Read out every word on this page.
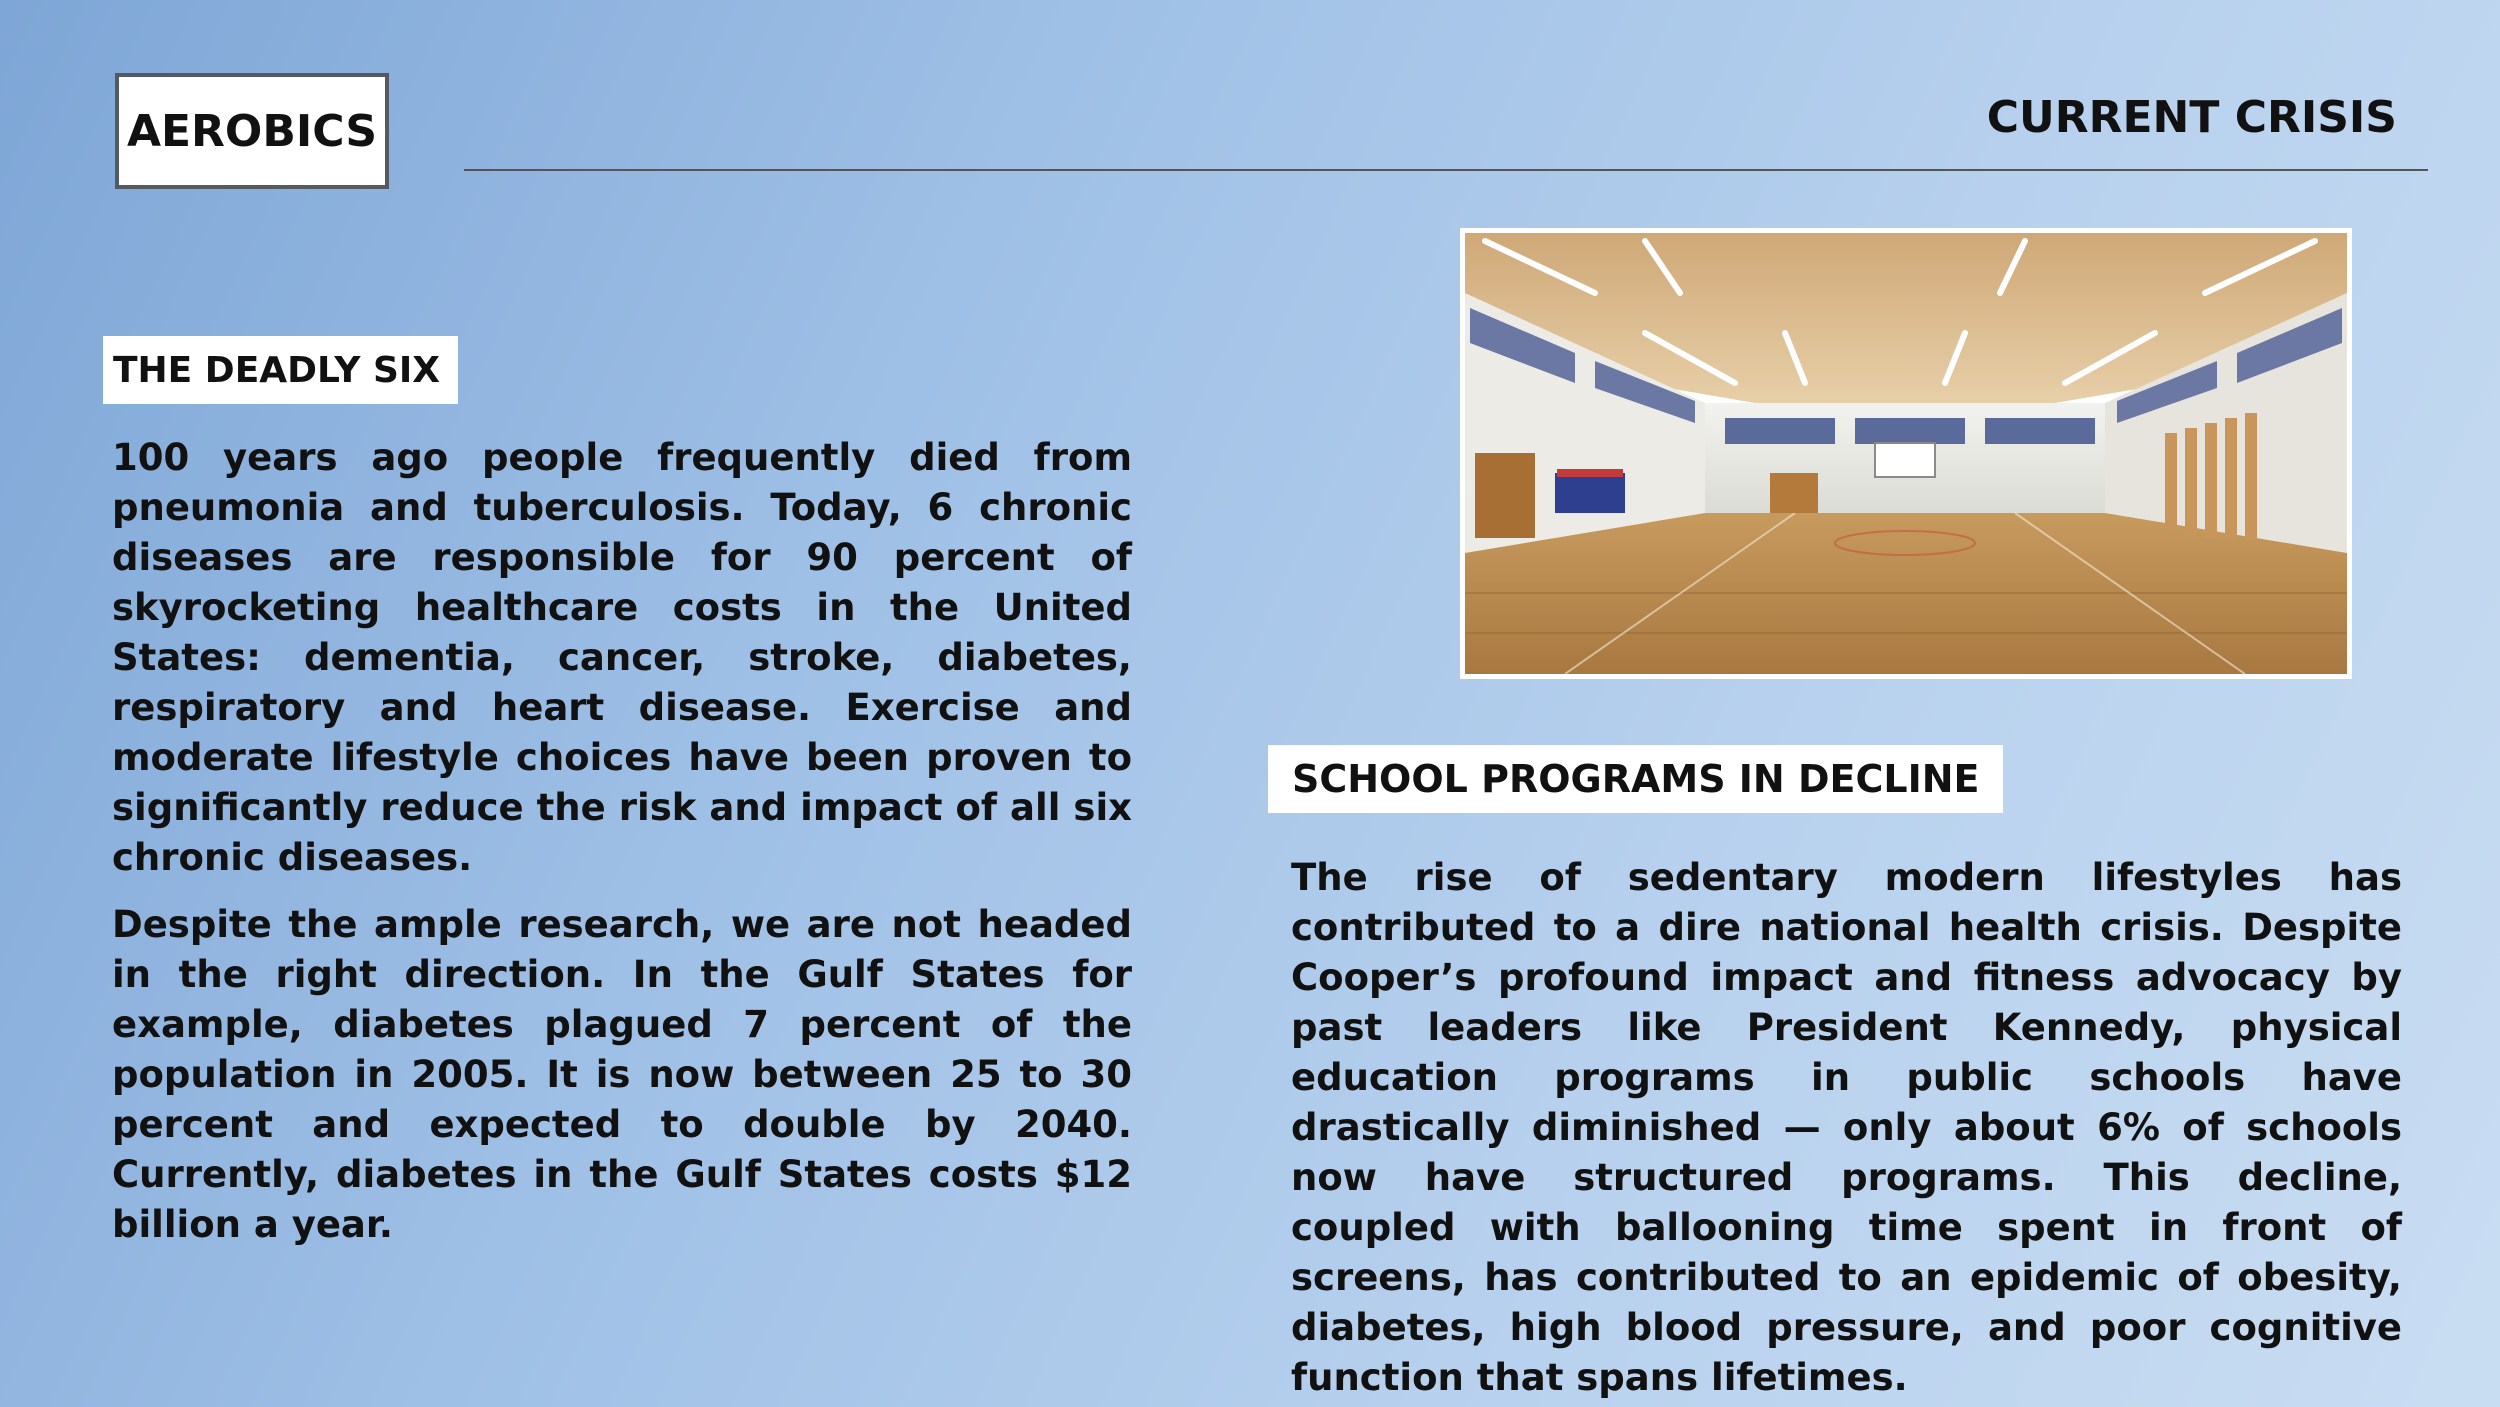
AEROBICS	CURRENT CRISIS
THE DEADLY SIX

100 years ago people frequently died from pneumonia and tuberculosis. Today, 6 chronic diseases are responsible for 90 percent of skyrocketing healthcare costs in the United States: dementia, cancer, stroke, diabetes, respiratory and heart disease. Exercise and moderate lifestyle choices have been proven to significantly reduce the risk and impact of all six chronic diseases.

Despite the ample research, we are not headed in the right direction. In the Gulf States for example, diabetes plagued 7 percent of the population in 2005. It is now between 25 to 30 percent and expected to double by 2040. Currently, diabetes in the Gulf States costs $12 billion a year.

SCHOOL PROGRAMS IN DECLINE

The rise of sedentary modern lifestyles has contributed to a dire national health crisis. Despite Cooper’s profound impact and fitness advocacy by past leaders like President Kennedy, physical education programs in public schools have drastically diminished — only about 6% of schools now have structured programs. This decline, coupled with ballooning time spent in front of screens, has contributed to an epidemic of obesity, diabetes, high blood pressure, and poor cognitive function that spans lifetimes.
